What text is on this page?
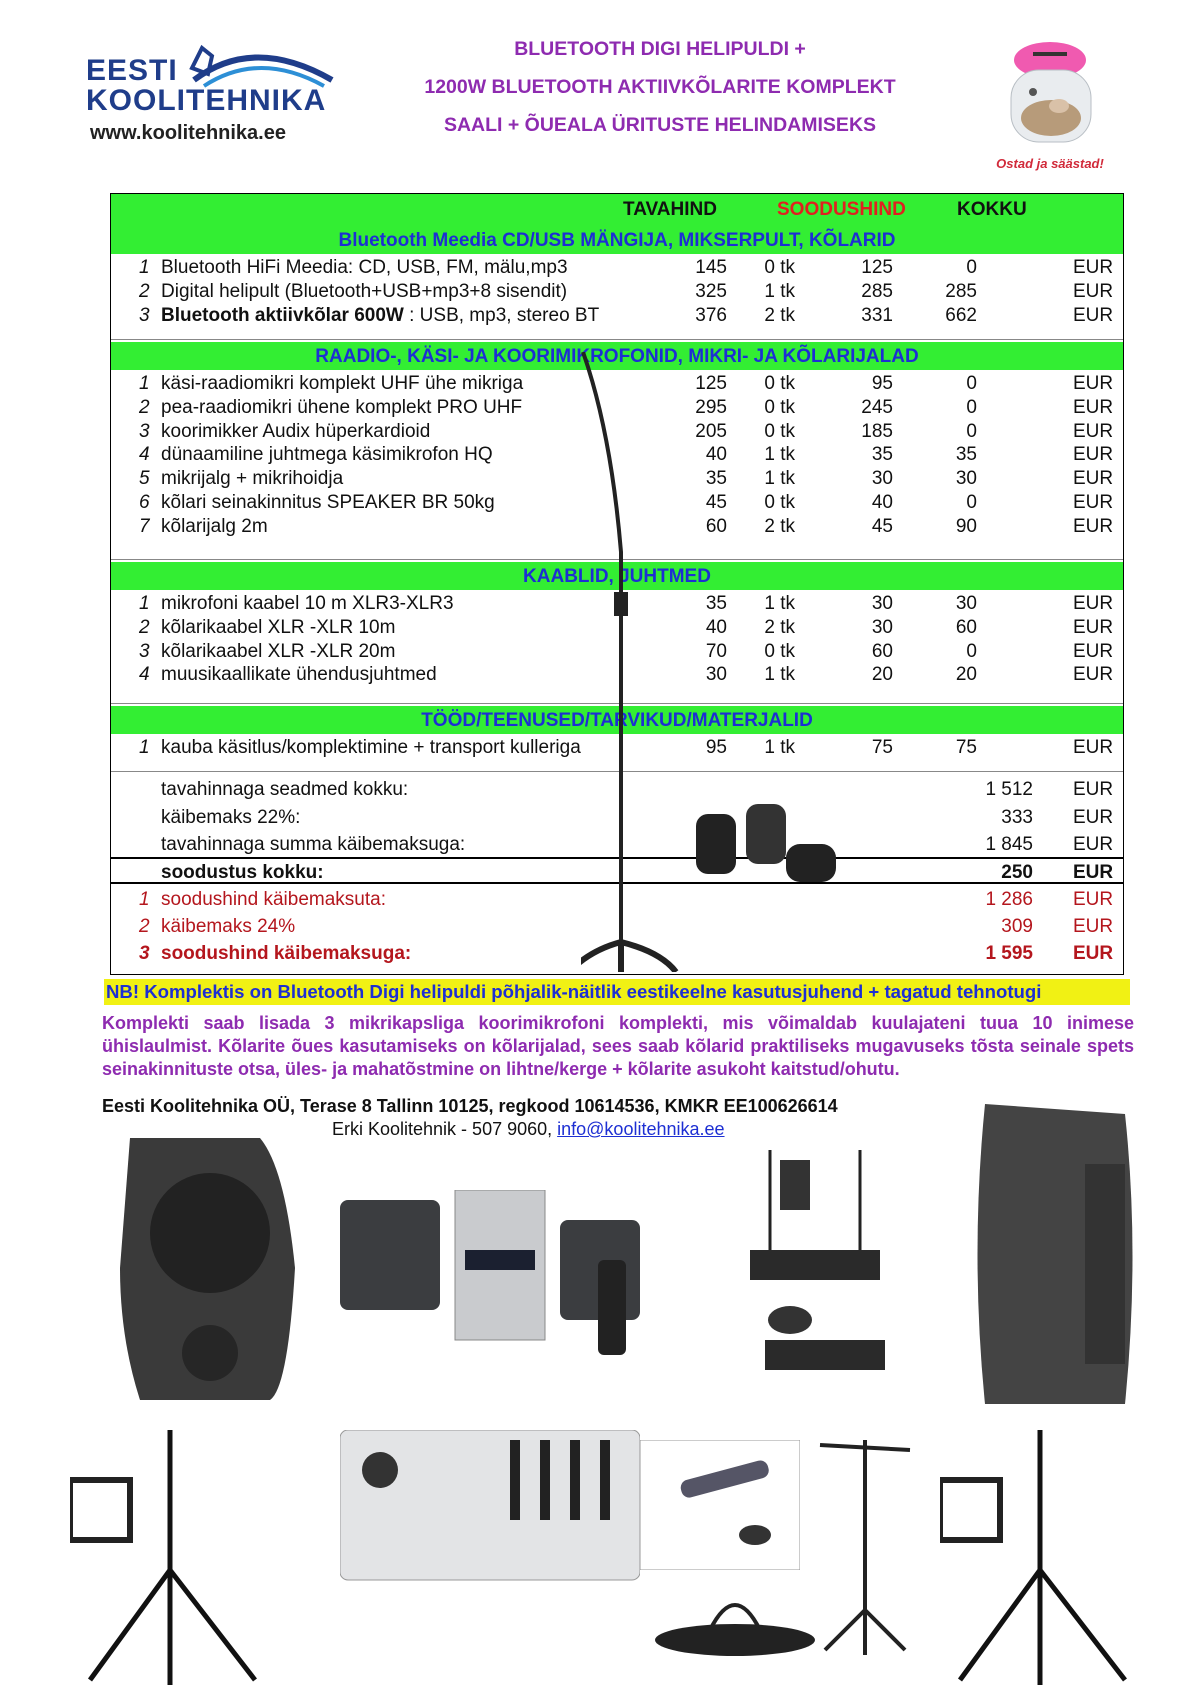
EESTI
KOOLITEHNIKA
www.koolitehnika.ee
BLUETOOTH DIGI HELIPULDI +
1200W BLUETOOTH AKTIIVKÕLARITE KOMPLEKT
SAALI + ÕUEALA ÜRITUSTE HELINDAMISEKS
Ostad ja säästad!
TAVAHIND	SOODUSHIND	KOKKU
Bluetooth Meedia CD/USB MÄNGIJA, MIKSERPULT, KÕLARID
1 Bluetooth HiFi Meedia: CD, USB, FM, mälu,mp3	145	0 tk	125	0	EUR
2 Digital helipult (Bluetooth+USB+mp3+8 sisendit)	325	1 tk	285	285	EUR
3 Bluetooth aktiivkõlar 600W : USB, mp3, stereo BT	376	2 tk	331	662	EUR
RAADIO-, KÄSI- JA KOORIMIKROFONID, MIKRI- JA KÕLARIJALAD
1 käsi-raadiomikri komplekt UHF ühe mikriga	125	0 tk	95	0	EUR
2 pea-raadiomikri ühene komplekt PRO UHF	295	0 tk	245	0	EUR
3 koorimikker Audix hüperkardioid	205	0 tk	185	0	EUR
4 dünaamiline juhtmega käsimikrofon HQ	40	1 tk	35	35	EUR
5 mikrijalg + mikrihoidja	35	1 tk	30	30	EUR
6 kõlari seinakinnitus SPEAKER BR 50kg	45	0 tk	40	0	EUR
7 kõlarijalg 2m	60	2 tk	45	90	EUR
KAABLID, JUHTMED
1 mikrofoni kaabel 10 m XLR3-XLR3	35	1 tk	30	30	EUR
2 kõlarikaabel XLR -XLR 10m	40	2 tk	30	60	EUR
3 kõlarikaabel XLR -XLR 20m	70	0 tk	60	0	EUR
4 muusikaallikate ühendusjuhtmed	30	1 tk	20	20	EUR
TÖÖD/TEENUSED/TARVIKUD/MATERJALID
1 kauba käsitlus/komplektimine + transport kulleriga	95	1 tk	75	75	EUR
tavahinnaga seadmed kokku:	1 512 EUR
käibemaks 22%:	333 EUR
tavahinnaga summa käibemaksuga:	1 845 EUR
soodustus kokku:	250 EUR
1 soodushind käibemaksuta:	1 286 EUR
2 käibemaks 24%	309 EUR
3 soodushind käibemaksuga:	1 595 EUR
NB! Komplektis on Bluetooth Digi helipuldi põhjalik-näitlik eestikeelne kasutusjuhend + tagatud tehnotugi
Komplekti saab lisada 3 mikrikapsliga koorimikrofoni komplekti, mis võimaldab kuulajateni tuua 10 inimese ühislaulmist. Kõlarite õues kasutamiseks on kõlarijalad, sees saab kõlarid praktiliseks mugavuseks tõsta seinale spets seinakinnituste otsa, üles- ja mahatõstmine on lihtne/kerge + kõlarite asukoht kaitstud/ohutu.
Eesti Koolitehnika OÜ, Terase 8 Tallinn 10125, regkood 10614536, KMKR EE100626614
Erki Koolitehnik - 507 9060, info@koolitehnika.ee
